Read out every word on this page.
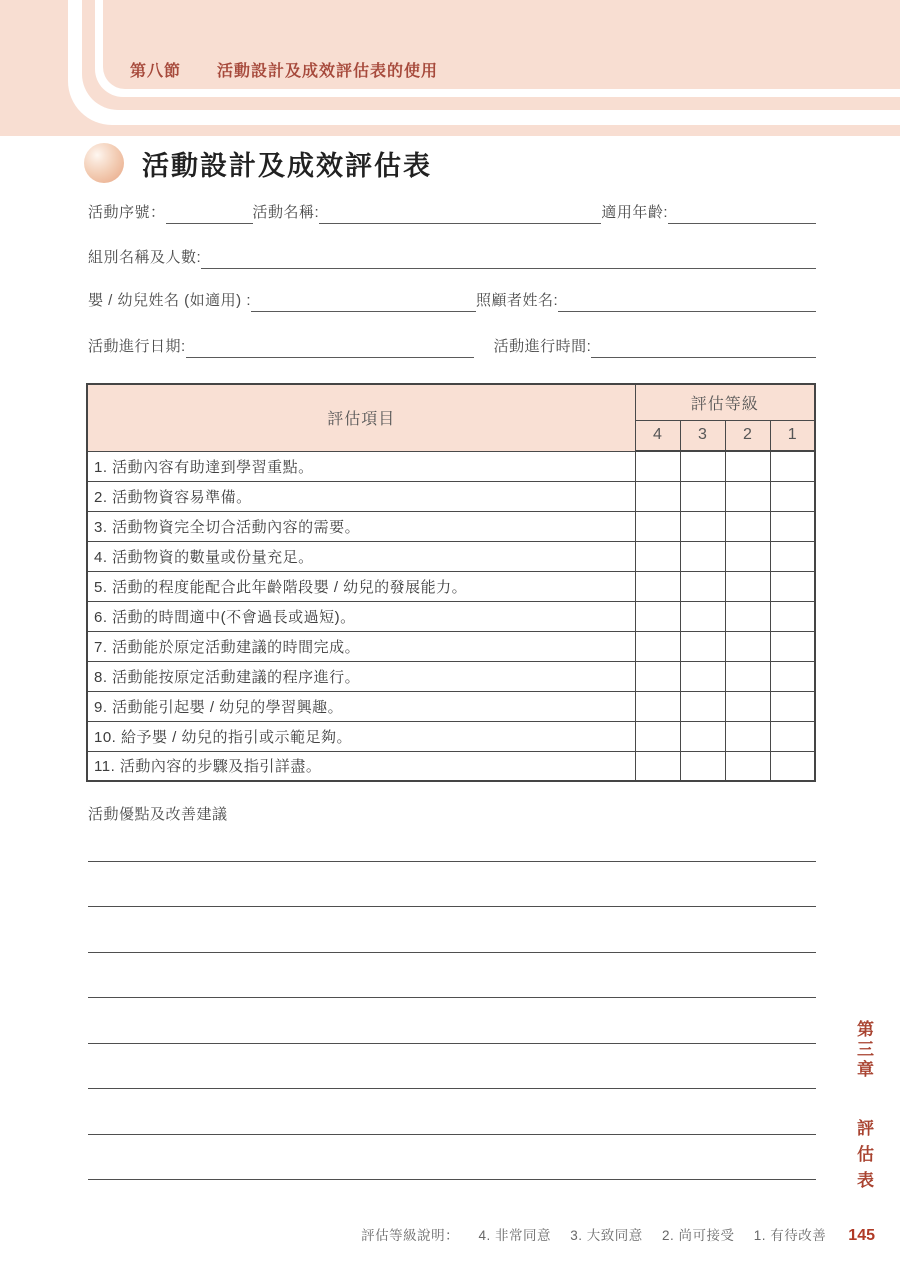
第八節 活動設計及成效評估表的使用
活動設計及成效評估表
活動序號：	活動名稱:	適用年齡:
組別名稱及人數:
嬰 / 幼兒姓名 (如適用) :	照顧者姓名:
活動進行日期:	活動進行時間:
評估項目	評估等級			
	4	3	2	1
1. 活動內容有助達到學習重點。				
2. 活動物資容易準備。				
3. 活動物資完全切合活動內容的需要。				
4. 活動物資的數量或份量充足。				
5. 活動的程度能配合此年齡階段嬰 / 幼兒的發展能力。				
6. 活動的時間適中(不會過長或過短)。				
7. 活動能於原定活動建議的時間完成。				
8. 活動能按原定活動建議的程序進行。				
9. 活動能引起嬰 / 幼兒的學習興趣。				
10. 給予嬰 / 幼兒的指引或示範足夠。				
11. 活動內容的步驟及指引詳盡。				
活動優點及改善建議
第三章 評估表
評估等級說明： 4. 非常同意 3. 大致同意 2. 尚可接受 1. 有待改善 145
